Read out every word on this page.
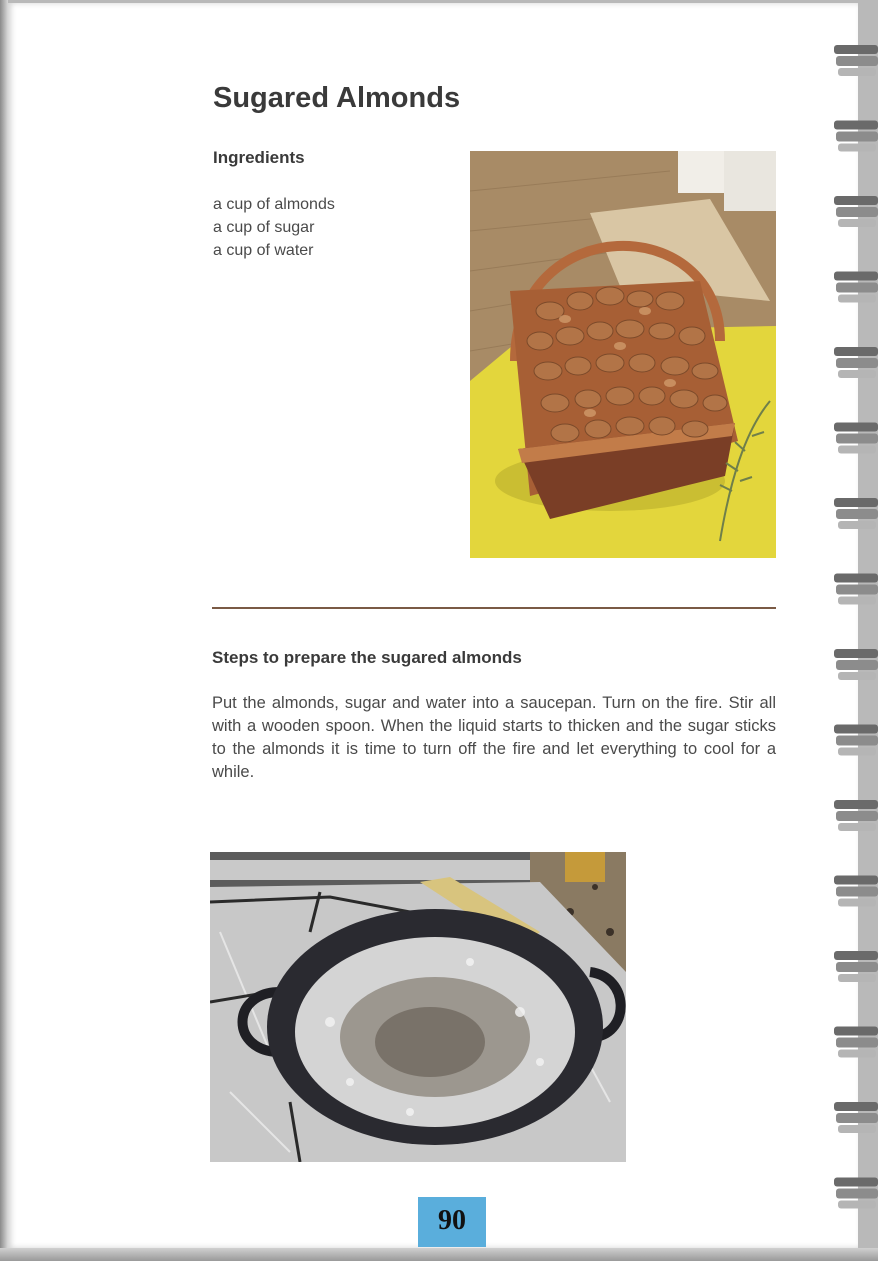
Sugared Almonds
Ingredients
a cup of almonds
a cup of sugar
a cup of water
Steps to prepare the sugared almonds

Put the almonds, sugar and water into a saucepan. Turn on the fire. Stir all with a wooden spoon. When the liquid starts to thicken and the sugar sticks to the almonds it is time to turn off the fire and let everything to cool for a while.

90
